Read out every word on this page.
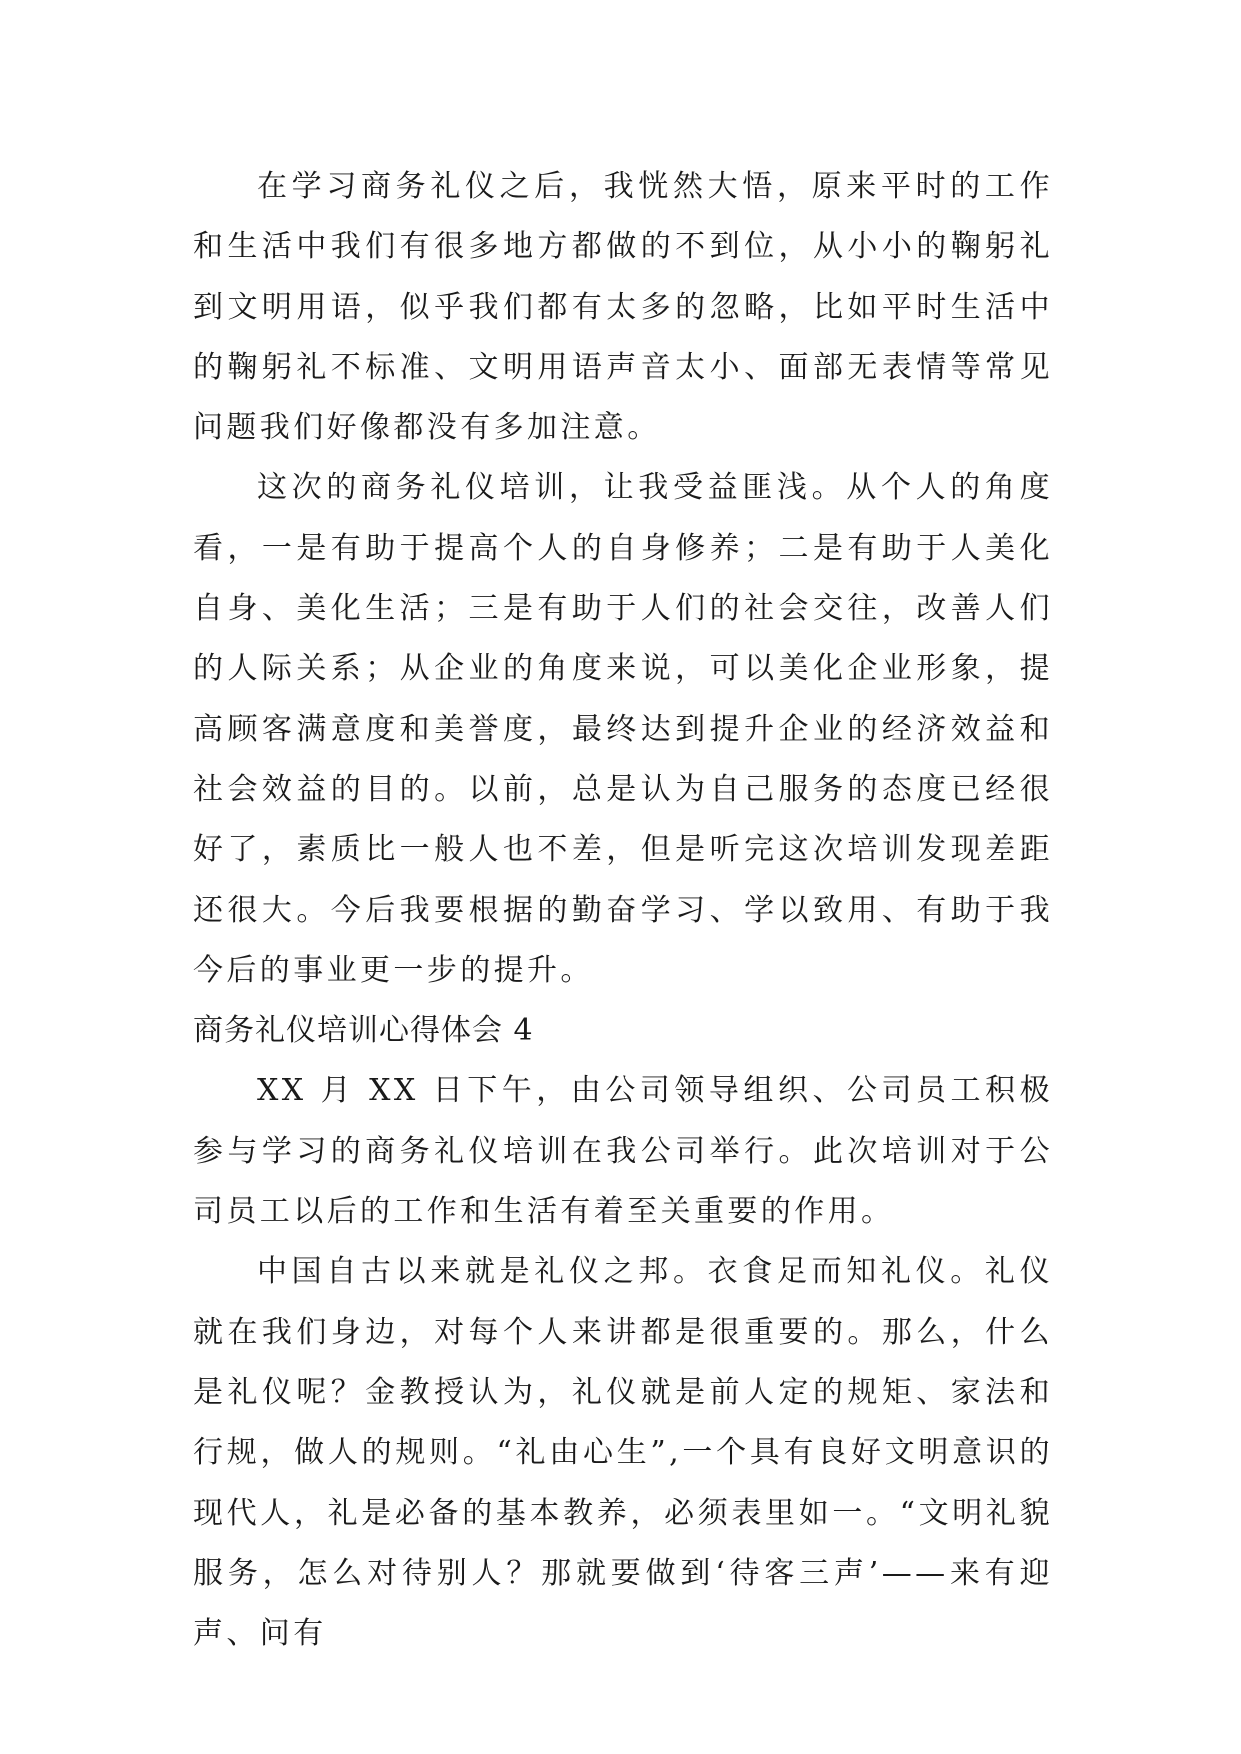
在学习商务礼仪之后，我恍然大悟，原来平时的工作和生活中我们有很多地方都做的不到位，从小小的鞠躬礼到文明用语，似乎我们都有太多的忽略，比如平时生活中的鞠躬礼不标准、文明用语声音太小、面部无表情等常见问题我们好像都没有多加注意。

这次的商务礼仪培训，让我受益匪浅。从个人的角度看，一是有助于提高个人的自身修养；二是有助于人美化自身、美化生活；三是有助于人们的社会交往，改善人们的人际关系；从企业的角度来说，可以美化企业形象，提高顾客满意度和美誉度，最终达到提升企业的经济效益和社会效益的目的。以前，总是认为自己服务的态度已经很好了，素质比一般人也不差，但是听完这次培训发现差距还很大。今后我要根据的勤奋学习、学以致用、有助于我今后的事业更一步的提升。

商务礼仪培训心得体会 4

XX 月 XX 日下午，由公司领导组织、公司员工积极参与学习的商务礼仪培训在我公司举行。此次培训对于公司员工以后的工作和生活有着至关重要的作用。

中国自古以来就是礼仪之邦。衣食足而知礼仪。礼仪就在我们身边，对每个人来讲都是很重要的。那么，什么是礼仪呢？金教授认为，礼仪就是前人定的规矩、家法和行规，做人的规则。“礼由心生”,一个具有良好文明意识的现代人，礼是必备的基本教养，必须表里如一。“文明礼貌服务，怎么对待别人？那就要做到‘待客三声’——来有迎声、问有
